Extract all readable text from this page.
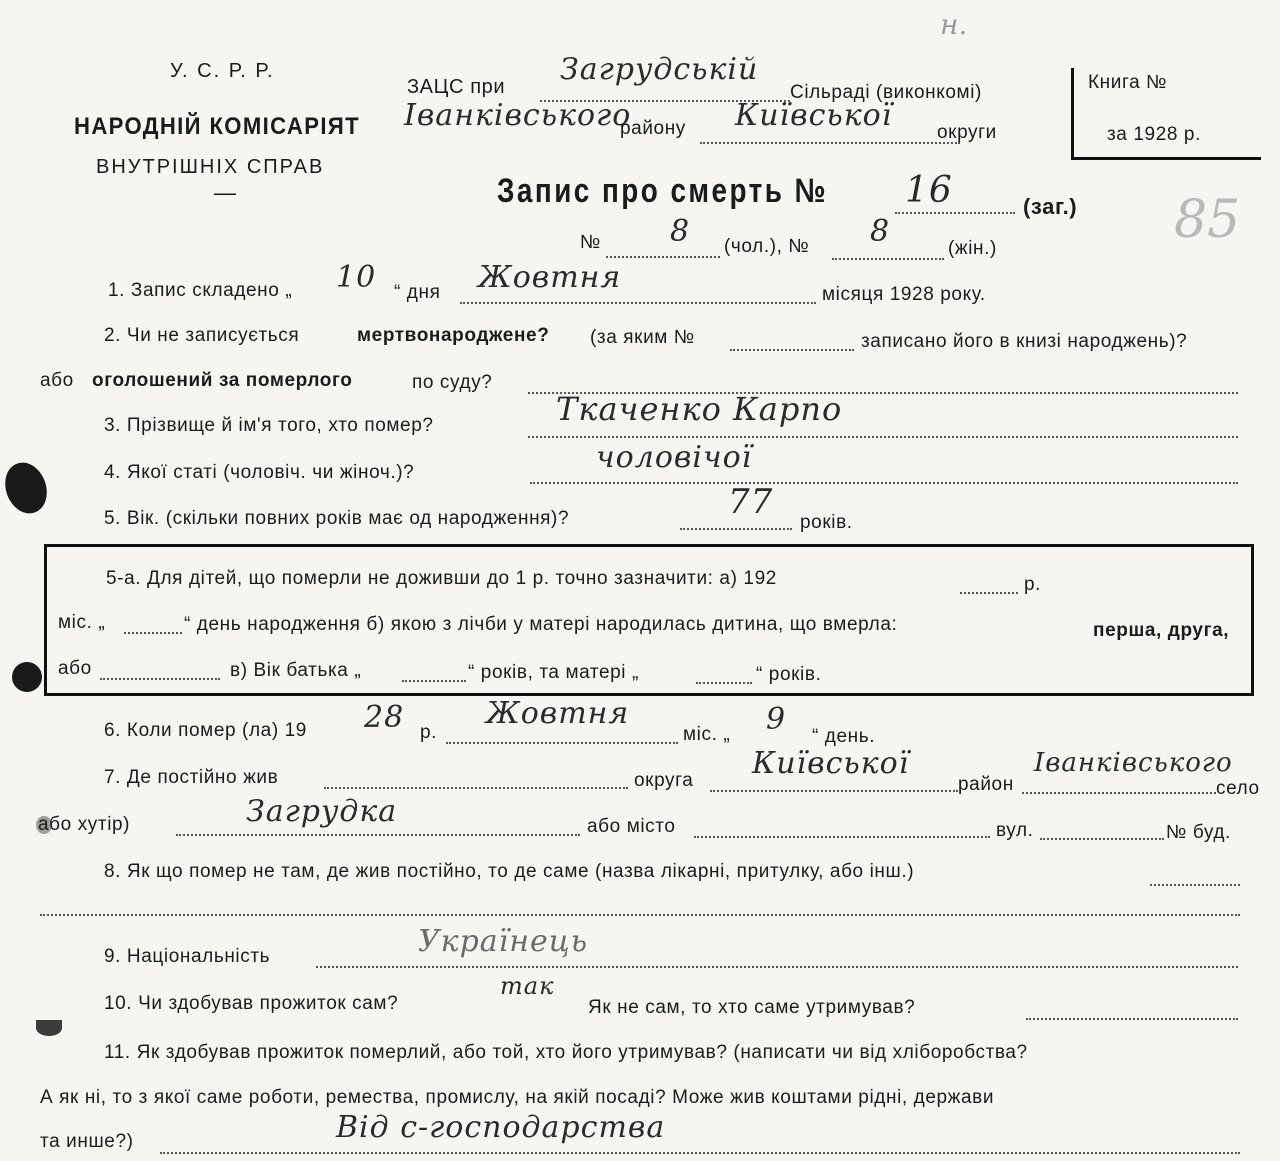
У. С. Р. Р.
НАРОДНІЙ КОМІСАРІЯТ
ВНУТРІШНІХ СПРАВ
—
ЗАЦС при Загрудській
Сільраді (виконкомі)
Іванківського
району Київської округи
Книга №
за 1928 р.
85
н.
Запис про смерть № 16	(заг.)
№ 8 (чол.), № 8	(жін.)
1. Запис складено „ 10 “ дня Жовтня	місяця 1928 року.
2. Чи не записується	мертвонароджене? (за яким №	записано його в книзі народжень)?
або оголошений за померлого	по суду?
3. Прізвище й ім'я того, хто помер?	Ткаченко Карпо
4. Якої статі (чоловіч. чи жіноч.)?	чоловічої
5. Вік. (скільки повних років має од народження)?	77
років.
5-а. Для дітей, що померли не доживши до 1 р. точно зазначити: а) 192	р.
міс. „	“ день народження б) якою з лічби у матері народилась дитина, що вмерла:	перша, друга,
або	в) Вік батька „	“ років, та матері „	“ років.
6. Коли помер (ла) 19 28 р.
Жовтня
міс. „ 9 “ день.
7. Де постійно жив	округа Київської
район
Іванківського
село
або хутір)	Загрудка	або місто	вул.	№ буд.
8. Як що помер не там, де жив постійно, то де саме (назва лікарні, притулку, або інш.)
9. Національність	Українець
10. Чи здобував прожиток сам?
так
Як не сам, то хто саме утримував?
11. Як здобував прожиток померлий, або той, хто його утримував? (написати чи від хліборобства?
А як ні, то з якої саме роботи, ремества, промислу, на якій посаді? Може жив коштами рідні, держави
та инше?)	Від с-господарства
